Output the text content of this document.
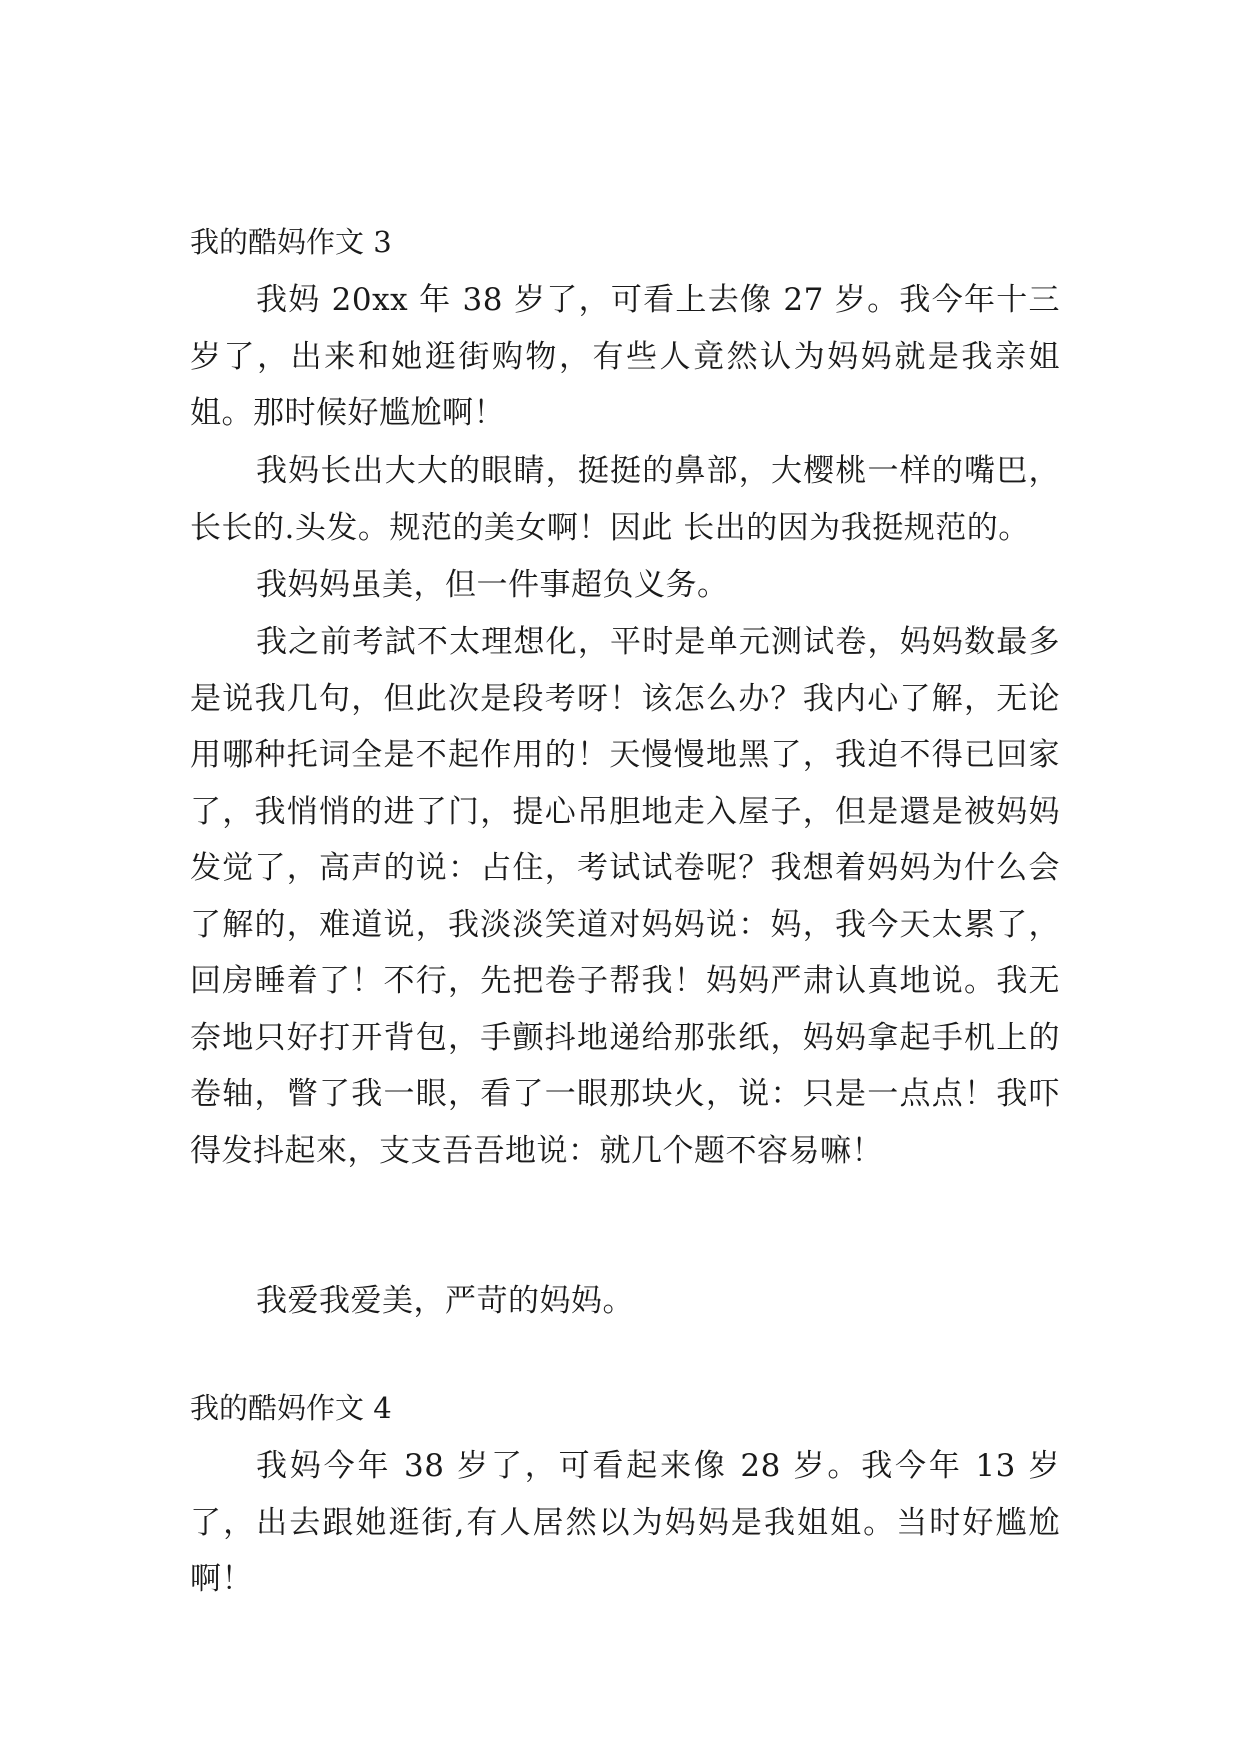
我的酷妈作文 3

我妈 20xx 年 38 岁了，可看上去像 27 岁。我今年十三岁了，出来和她逛街购物，有些人竟然认为妈妈就是我亲姐姐。那时候好尴尬啊！

我妈长出大大的眼睛，挺挺的鼻部，大樱桃一样的嘴巴，长长的.头发。规范的美女啊！因此 长出的因为我挺规范的。

我妈妈虽美，但一件事超负义务。

我之前考試不太理想化，平时是单元测试卷，妈妈数最多是说我几句，但此次是段考呀！该怎么办？我内心了解，无论用哪种托词全是不起作用的！天慢慢地黑了，我迫不得已回家了，我悄悄的进了门，提心吊胆地走入屋子，但是還是被妈妈发觉了，高声的说：占住，考试试卷呢？我想着妈妈为什么会了解的，难道说，我淡淡笑道对妈妈说：妈，我今天太累了，回房睡着了！不行，先把卷子帮我！妈妈严肃认真地说。我无奈地只好打开背包，手颤抖地递给那张纸，妈妈拿起手机上的卷轴，瞥了我一眼，看了一眼那块火，说：只是一点点！我吓得发抖起來，支支吾吾地说：就几个题不容易嘛！

我爱我爱美，严苛的妈妈。

我的酷妈作文 4

我妈今年 38 岁了，可看起来像 28 岁。我今年 13 岁了，出去跟她逛街,有人居然以为妈妈是我姐姐。当时好尴尬啊！
